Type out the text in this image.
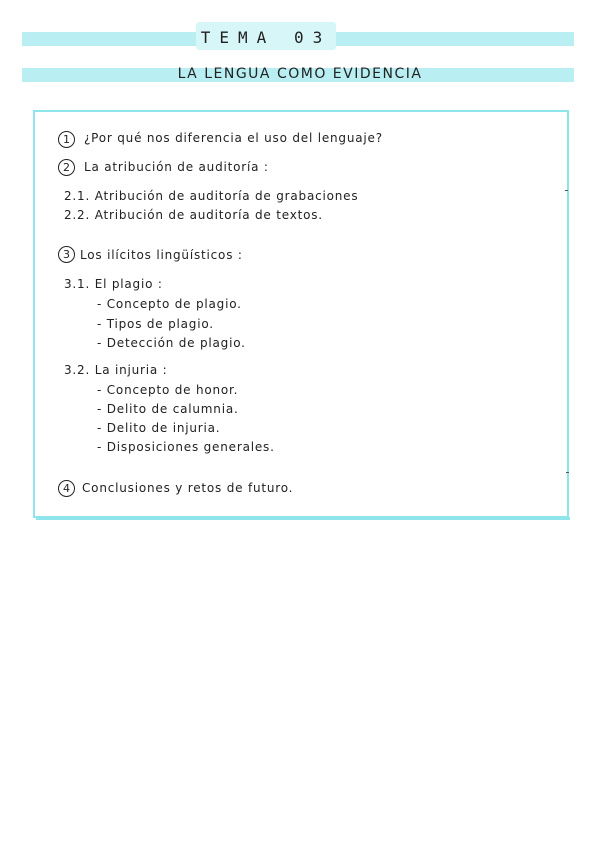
TEMA 03
LA LENGUA COMO EVIDENCIA
1	¿Por qué nos diferencia el uso del lenguaje?
2	La atribución de auditoría :
2.1. Atribución de auditoría de grabaciones
2.2. Atribución de auditoría de textos.
3 Los ilícitos lingüísticos :
3.1. El plagio :
- Concepto de plagio.
- Tipos de plagio.
- Detección de plagio.
3.2. La injuria :
- Concepto de honor.
- Delito de calumnia.
- Delito de injuria.
- Disposiciones generales.
4	Conclusiones y retos de futuro.
